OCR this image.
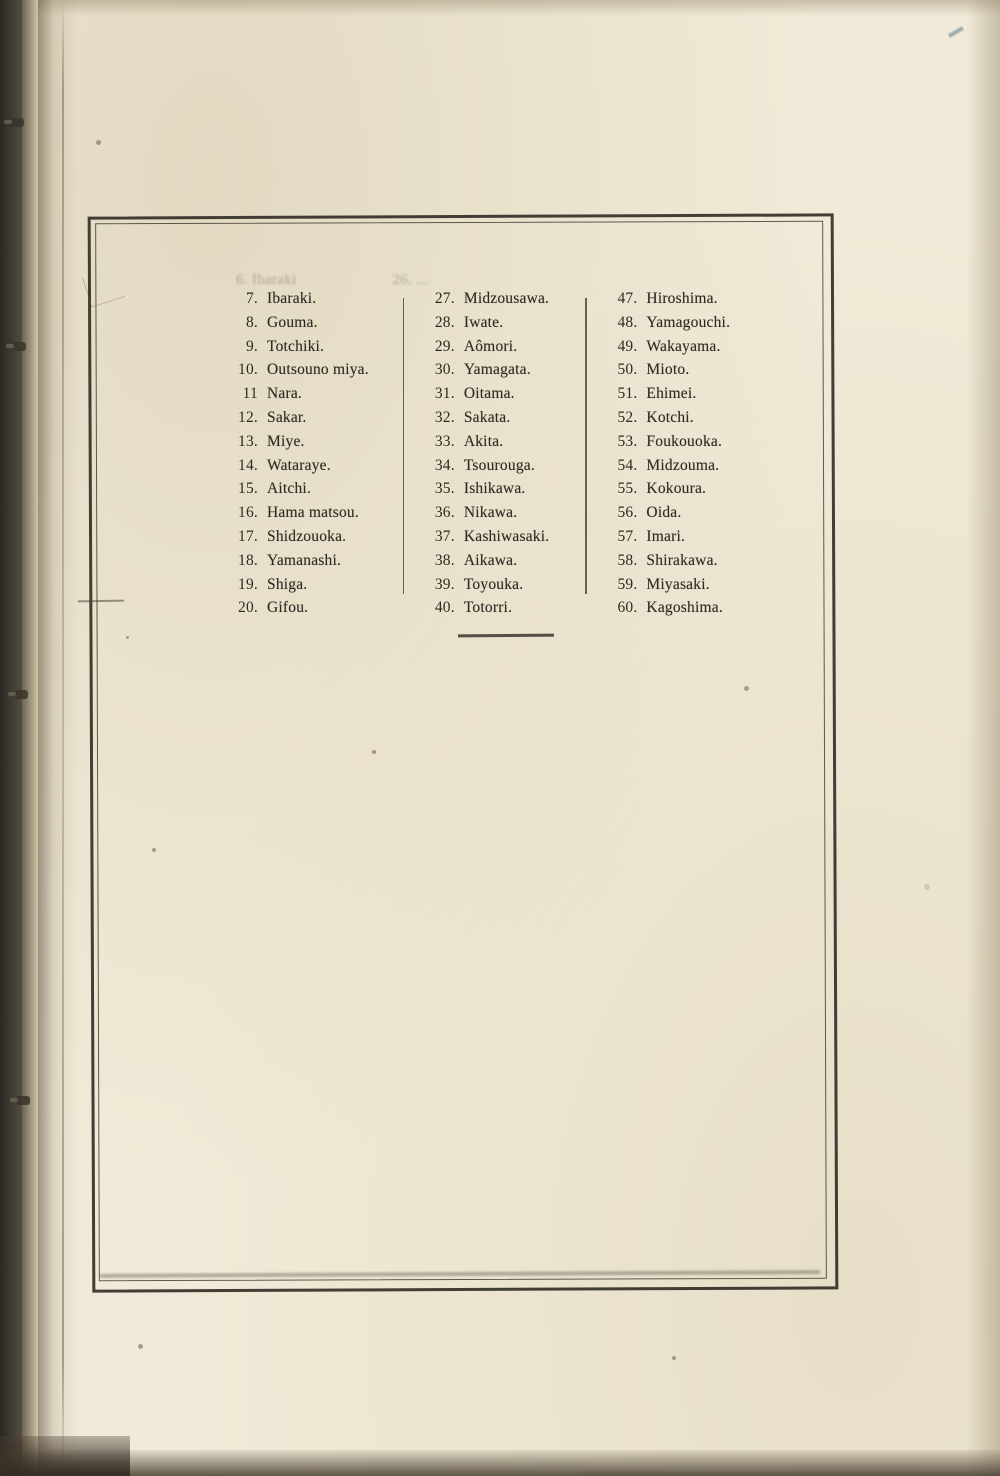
6. Ibaraki	26. ...
7. Ibaraki.
8. Gouma.
9. Totchiki.
10. Outsouno miya.
11 Nara.
12. Sakar.
13. Miye.
14. Wataraye.
15. Aitchi.
16. Hama matsou.
17. Shidzouoka.
18. Yamanashi.
19. Shiga.
20. Gifou.
27. Midzousawa.
28. Iwate.
29. Aômori.
30. Yamagata.
31. Oitama.
32. Sakata.
33. Akita.
34. Tsourouga.
35. Ishikawa.
36. Nikawa.
37. Kashiwasaki.
38. Aikawa.
39. Toyouka.
40. Totorri.
47. Hiroshima.
48. Yamagouchi.
49. Wakayama.
50. Mioto.
51. Ehimei.
52. Kotchi.
53. Foukouoka.
54. Midzouma.
55. Kokoura.
56. Oida.
57. Imari.
58. Shirakawa.
59. Miyasaki.
60. Kagoshima.
